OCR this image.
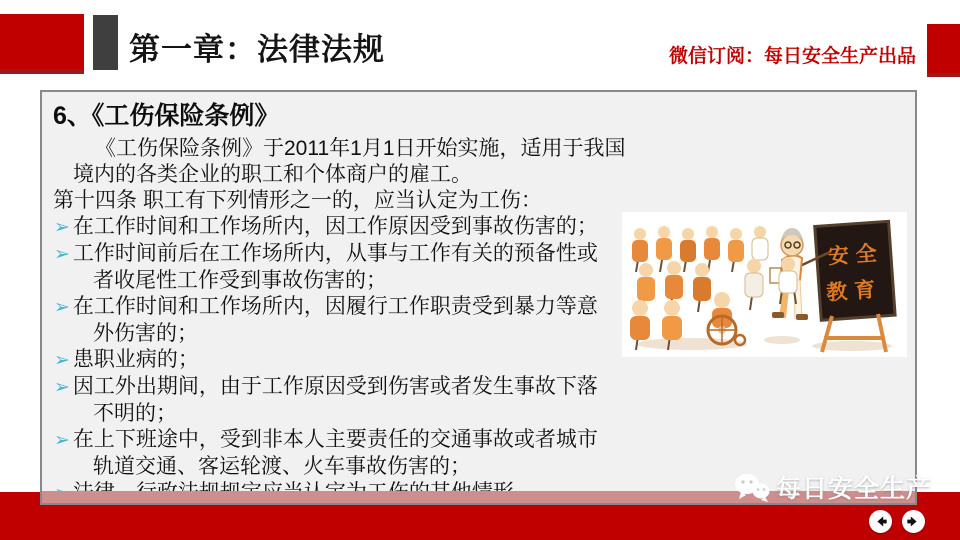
第一章：法律法规	微信订阅：每日安全生产出品
6、《工伤保险条例》

《工伤保险条例》于2011年1月1日开始实施，适用于我国境内的各类企业的职工和个体商户的雇工。

第十四条 职工有下列情形之一的，应当认定为工伤：

➢ 在工作时间和工作场所内，因工作原因受到事故伤害的；
➢ 工作时间前后在工作场所内，从事与工作有关的预备性或者收尾性工作受到事故伤害的；
➢ 在工作时间和工作场所内，因履行工作职责受到暴力等意外伤害的；
➢ 患职业病的；
➢ 因工外出期间，由于工作原因受到伤害或者发生事故下落不明的；
➢ 在上下班途中，受到非本人主要责任的交通事故或者城市轨道交通、客运轮渡、火车事故伤害的；
安全
教育
每日安全生产
